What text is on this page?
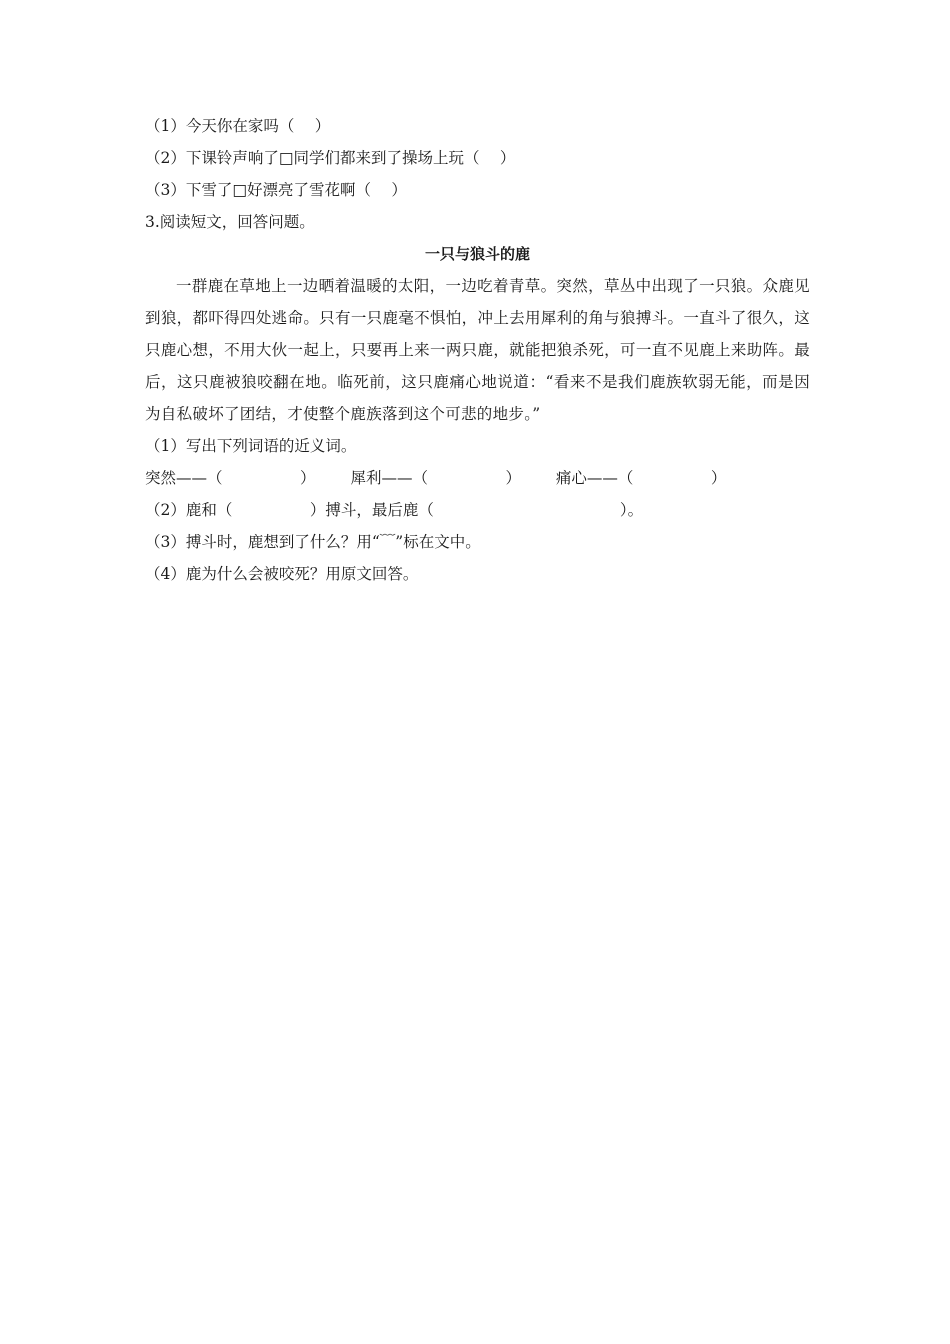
（1）今天你在家吗（　 ）
（2）下课铃声响了□同学们都来到了操场上玩（　 ）
（3）下雪了□好漂亮了雪花啊（　 ）
3.阅读短文，回答问题。
一只与狼斗的鹿
一群鹿在草地上一边晒着温暖的太阳，一边吃着青草。突然，草丛中出现了一只狼。众鹿见到狼，都吓得四处逃命。只有一只鹿毫不惧怕，冲上去用犀利的角与狼搏斗。一直斗了很久，这只鹿心想，不用大伙一起上，只要再上来一两只鹿，就能把狼杀死，可一直不见鹿上来助阵。最后，这只鹿被狼咬翻在地。临死前，这只鹿痛心地说道：“看来不是我们鹿族软弱无能，而是因为自私破坏了团结，才使整个鹿族落到这个可悲的地步。”
（1）写出下列词语的近义词。
突然——（　　　　　） 犀利——（　　　　　） 痛心——（　　　　　）
（2）鹿和（　　　　　）搏斗，最后鹿（　　　　　　　　　　　　）。
（3）搏斗时，鹿想到了什么？用“﹋”标在文中。
（4）鹿为什么会被咬死？用原文回答。
